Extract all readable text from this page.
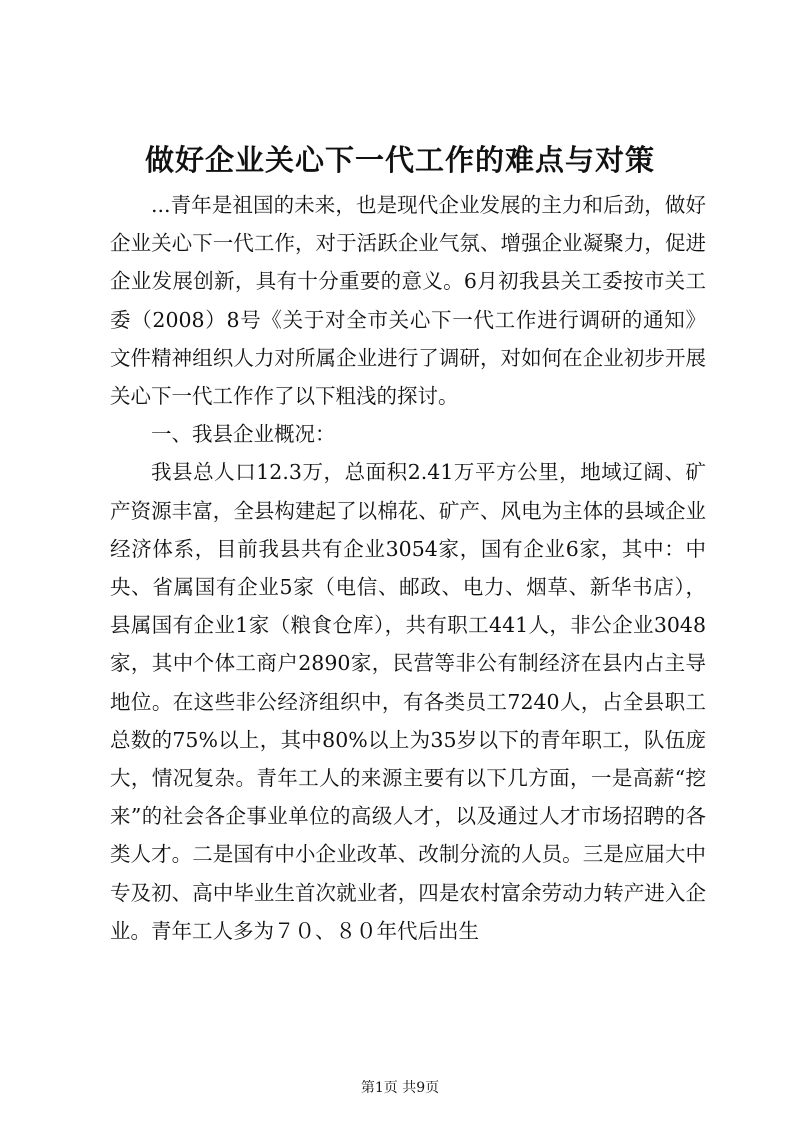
做好企业关心下一代工作的难点与对策

...青年是祖国的未来，也是现代企业发展的主力和后劲，做好企业关心下一代工作，对于活跃企业气氛、增强企业凝聚力，促进企业发展创新，具有十分重要的意义。6月初我县关工委按市关工委（2008）8号《关于对全市关心下一代工作进行调研的通知》文件精神组织人力对所属企业进行了调研，对如何在企业初步开展关心下一代工作作了以下粗浅的探讨。

一、我县企业概况：

我县总人口12.3万，总面积2.41万平方公里，地域辽阔、矿产资源丰富，全县构建起了以棉花、矿产、风电为主体的县域企业经济体系，目前我县共有企业3054家，国有企业6家，其中：中央、省属国有企业5家（电信、邮政、电力、烟草、新华书店），县属国有企业1家（粮食仓库），共有职工441人，非公企业3048家，其中个体工商户2890家，民营等非公有制经济在县内占主导地位。在这些非公经济组织中，有各类员工7240人，占全县职工总数的75%以上，其中80%以上为35岁以下的青年职工，队伍庞大，情况复杂。青年工人的来源主要有以下几方面，一是高薪“挖来”的社会各企事业单位的高级人才，以及通过人才市场招聘的各类人才。二是国有中小企业改革、改制分流的人员。三是应届大中专及初、高中毕业生首次就业者，四是农村富余劳动力转产进入企业。青年工人多为７０、８０年代后出生

第1页 共9页
